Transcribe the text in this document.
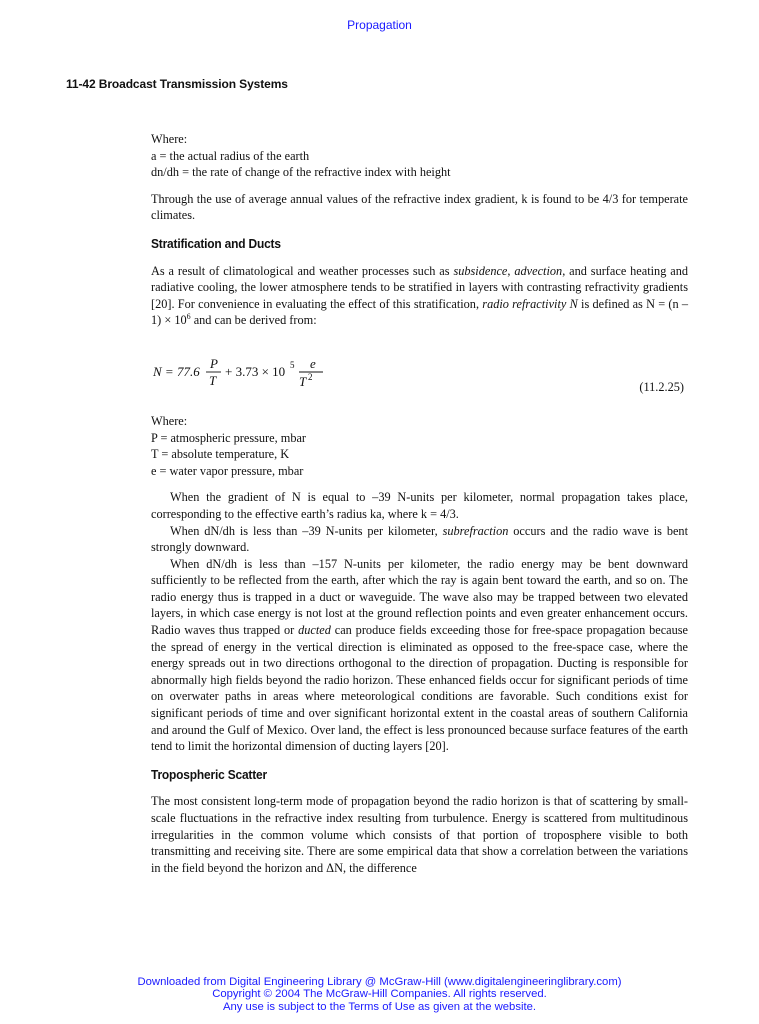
Propagation
11-42 Broadcast Transmission Systems
Where:
a = the actual radius of the earth
dn/dh = the rate of change of the refractive index with height

Through the use of average annual values of the refractive index gradient, k is found to be 4/3 for temperate climates.

Stratification and Ducts

As a result of climatological and weather processes such as subsidence, advection, and surface heating and radiative cooling, the lower atmosphere tends to be stratified in layers with contrasting refractivity gradients [20]. For convenience in evaluating the effect of this stratification, radio refractivity N is defined as $N = (n - 1) \times 10^6$ and can be derived from:

N = 77.6
P
T
+ 3.73 × 10 5 e
T 2
(11.2.25)
Where:
P = atmospheric pressure, mbar
T = absolute temperature, K
e = water vapor pressure, mbar

When the gradient of N is equal to –39 N-units per kilometer, normal propagation takes place, corresponding to the effective earth’s radius ka, where k = 4/3.

When dN/dh is less than –39 N-units per kilometer, subrefraction occurs and the radio wave is bent strongly downward.

When dN/dh is less than –157 N-units per kilometer, the radio energy may be bent downward sufficiently to be reflected from the earth, after which the ray is again bent toward the earth, and so on. The radio energy thus is trapped in a duct or waveguide. The wave also may be trapped between two elevated layers, in which case energy is not lost at the ground reflection points and even greater enhancement occurs. Radio waves thus trapped or ducted can produce fields exceeding those for free-space propagation because the spread of energy in the vertical direction is eliminated as opposed to the free-space case, where the energy spreads out in two directions orthogonal to the direction of propagation. Ducting is responsible for abnormally high fields beyond the radio horizon. These enhanced fields occur for significant periods of time on overwater paths in areas where meteorological conditions are favorable. Such conditions exist for significant periods of time and over significant horizontal extent in the coastal areas of southern California and around the Gulf of Mexico. Over land, the effect is less pronounced because surface features of the earth tend to limit the horizontal dimension of ducting layers [20].

Tropospheric Scatter

The most consistent long-term mode of propagation beyond the radio horizon is that of scattering by small-scale fluctuations in the refractive index resulting from turbulence. Energy is scattered from multitudinous irregularities in the common volume which consists of that portion of troposphere visible to both transmitting and receiving site. There are some empirical data that show a correlation between the variations in the field beyond the horizon and ΔN, the difference

Downloaded from Digital Engineering Library @ McGraw-Hill (www.digitalengineeringlibrary.com)
Copyright © 2004 The McGraw-Hill Companies. All rights reserved.
Any use is subject to the Terms of Use as given at the website.
